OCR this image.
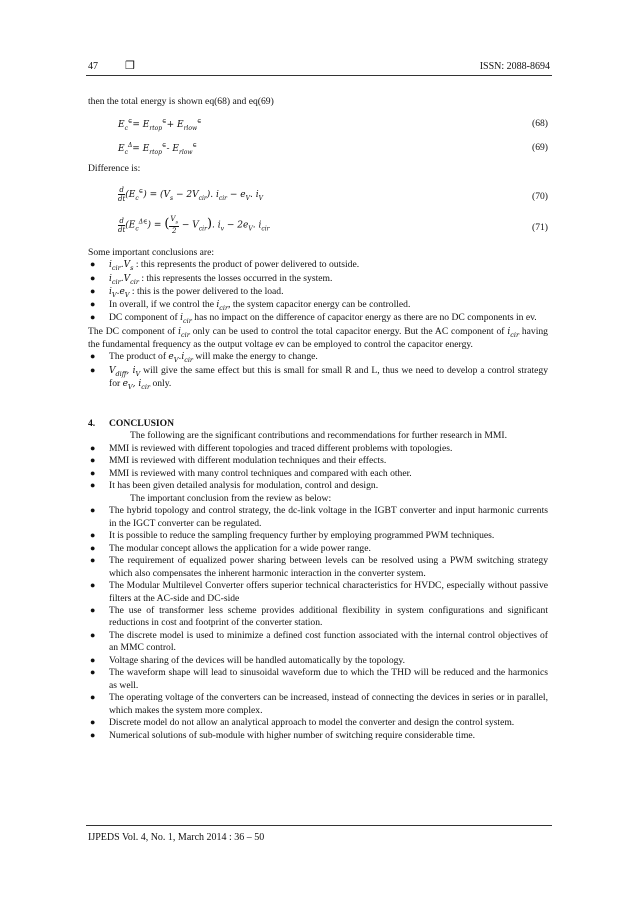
47 ❒	ISSN: 2088-8694

then the total energy is shown eq(68) and eq(69)

$E_c^\in= E_{rtop}^\in+ E_{rlow}^\in$	(68)
$E_c^\Delta= E_{rtop}^\in-$ $E_{rlow}^\in$	(69)

Difference is:

$\frac{d}{dt} (E_c^\in) = (V_s - 2V_{cir})$. $i_{cir} - e_V$. $i_V$	(70)
$\frac{d}{dt} (E_c^{\Delta\in})$ = ( $\frac{V_s}{2} - V_{cir}$). $i_v - 2e_V$. $i_{cir}$	(71)

Some important conclusions are:

● $i_{cir}.V_s$ : this represents the product of power delivered to outside.
● $i_{cir}.V_{cir}$ : this represents the losses occurred in the system.
● $i_V.e_V$ : this is the power delivered to the load.
● In overall, if we control the $i_{cir}$, the system capacitor energy can be controlled.
● DC component of $i_{cir}$ has no impact on the difference of capacitor energy as there are no DC components in ev.

The DC component of $i_{cir}$ only can be used to control the total capacitor energy. But the AC component of $i_{cir}$ having the fundamental frequency as the output voltage ev can be employed to control the capacitor energy.

● The product of $e_V.i_{cir}$ will make the energy to change.
● $V_{diff}$, $i_V$ will give the same effect but this is small for small R and L, thus we need to develop a control strategy for $e_V$, $i_{cir}$ only.

4. CONCLUSION

The following are the significant contributions and recommendations for further research in MMI.

● MMI is reviewed with different topologies and traced different problems with topologies.
● MMI is reviewed with different modulation techniques and their effects.
● MMI is reviewed with many control techniques and compared with each other.
● It has been given detailed analysis for modulation, control and design.

The important conclusion from the review as below:

● The hybrid topology and control strategy, the dc-link voltage in the IGBT converter and input harmonic currents in the IGCT converter can be regulated.
● It is possible to reduce the sampling frequency further by employing programmed PWM techniques.
● The modular concept allows the application for a wide power range.
● The requirement of equalized power sharing between levels can be resolved using a PWM switching strategy which also compensates the inherent harmonic interaction in the converter system.
● The Modular Multilevel Converter offers superior technical characteristics for HVDC, especially without passive filters at the AC-side and DC-side
● The use of transformer less scheme provides additional flexibility in system configurations and significant reductions in cost and footprint of the converter station.
● The discrete model is used to minimize a defined cost function associated with the internal control objectives of an MMC control.
● Voltage sharing of the devices will be handled automatically by the topology.
● The waveform shape will lead to sinusoidal waveform due to which the THD will be reduced and the harmonics as well.
● The operating voltage of the converters can be increased, instead of connecting the devices in series or in parallel, which makes the system more complex.
● Discrete model do not allow an analytical approach to model the converter and design the control system.
● Numerical solutions of sub-module with higher number of switching require considerable time.
IJPEDS Vol. 4, No. 1, March 2014 : 36 – 50
